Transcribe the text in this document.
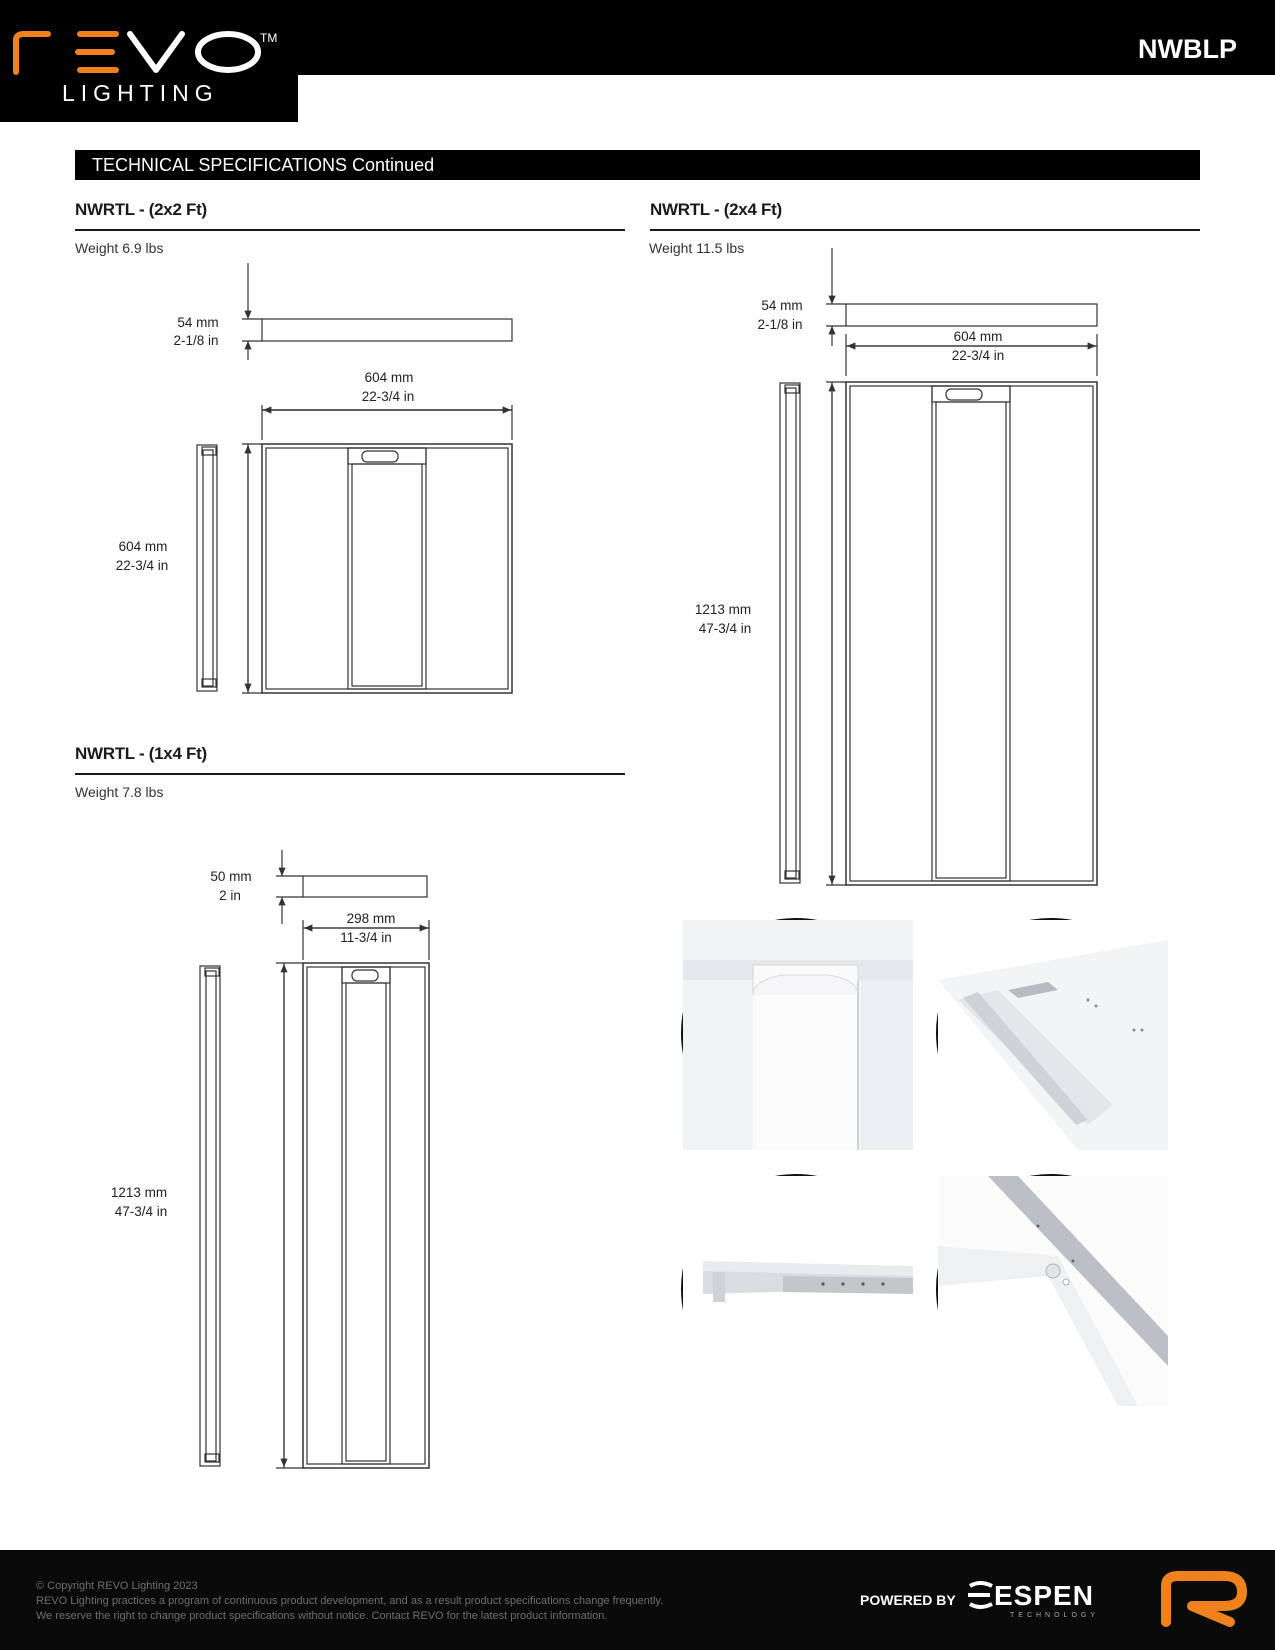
TM
LIGHTING
NWBLP
TECHNICAL SPECIFICATIONS Continued
NWRTL - (2x2 Ft)
Weight 6.9 lbs
NWRTL - (2x4 Ft)
Weight 11.5 lbs
NWRTL - (1x4 Ft)
Weight 7.8 lbs
54 mm
2-1/8 in
604 mm
22-3/4 in
604 mm
22-3/4 in
54 mm
2-1/8 in
604 mm
22-3/4 in
1213 mm
47-3/4 in
50 mm
2 in
298 mm
11-3/4 in
1213 mm
47-3/4 in
© Copyright REVO Lighting 2023
REVO Lighting practices a program of continuous product development, and as a result product specifications change frequently.
We reserve the right to change product specifications without notice. Contact REVO for the latest product information.
POWERED BY ESPEN
TECHNOLOGY
